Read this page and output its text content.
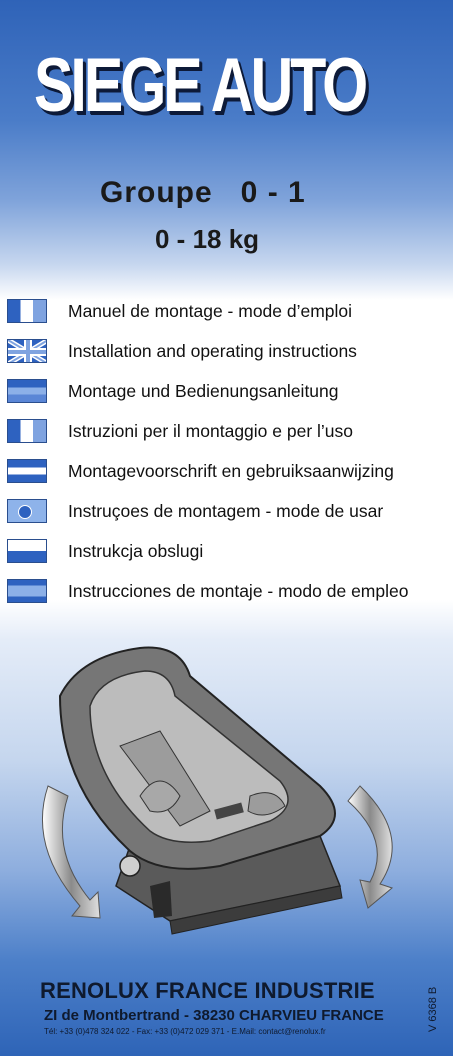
SIEGE AUTO
Groupe   0 - 1
0 - 18 kg
Manuel de montage - mode d’emploi
Installation and operating instructions
Montage und Bedienungsanleitung
Istruzioni per il montaggio e per l’uso
Montagevoorschrift en gebruiksaanwijzing
Instruçoes de montagem - mode de usar
Instrukcja obslugi
Instrucciones de montaje - modo de empleo
RENOLUX FRANCE INDUSTRIE
ZI de Montbertrand - 38230 CHARVIEU FRANCE
Tél: +33 (0)478 324 022 - Fax: +33 (0)472 029 371 - E.Mail: contact@renolux.fr	V 6368 B
